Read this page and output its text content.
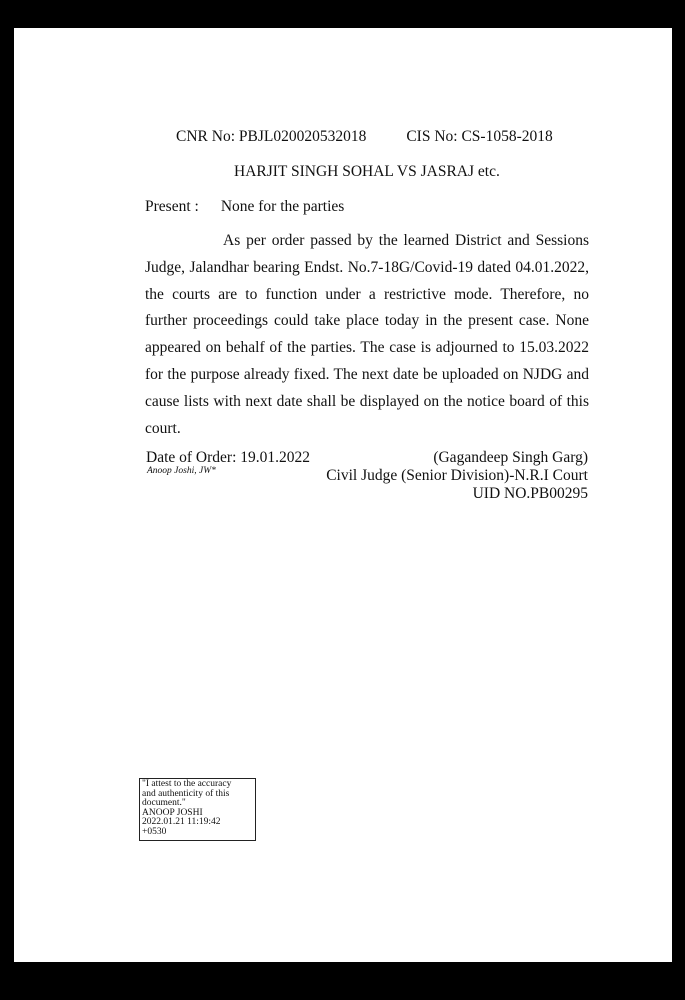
CNR No: PBJL020020532018	CIS No: CS-1058-2018
HARJIT SINGH SOHAL VS JASRAJ etc.
Present : None for the parties
As per order passed by the learned District and Sessions Judge, Jalandhar bearing Endst. No.7-18G/Covid-19 dated 04.01.2022, the courts are to function under a restrictive mode. Therefore, no further proceedings could take place today in the present case. None appeared on behalf of the parties. The case is adjourned to 15.03.2022 for the purpose already fixed. The next date be uploaded on NJDG and cause lists with next date shall be displayed on the notice board of this court.
Date of Order: 19.01.2022
Anoop Joshi, JW*
(Gagandeep Singh Garg)
Civil Judge (Senior Division)-N.R.I Court
UID NO.PB00295
"I attest to the accuracy
and authenticity of this
document."
ANOOP JOSHI
2022.01.21 11:19:42
+0530
